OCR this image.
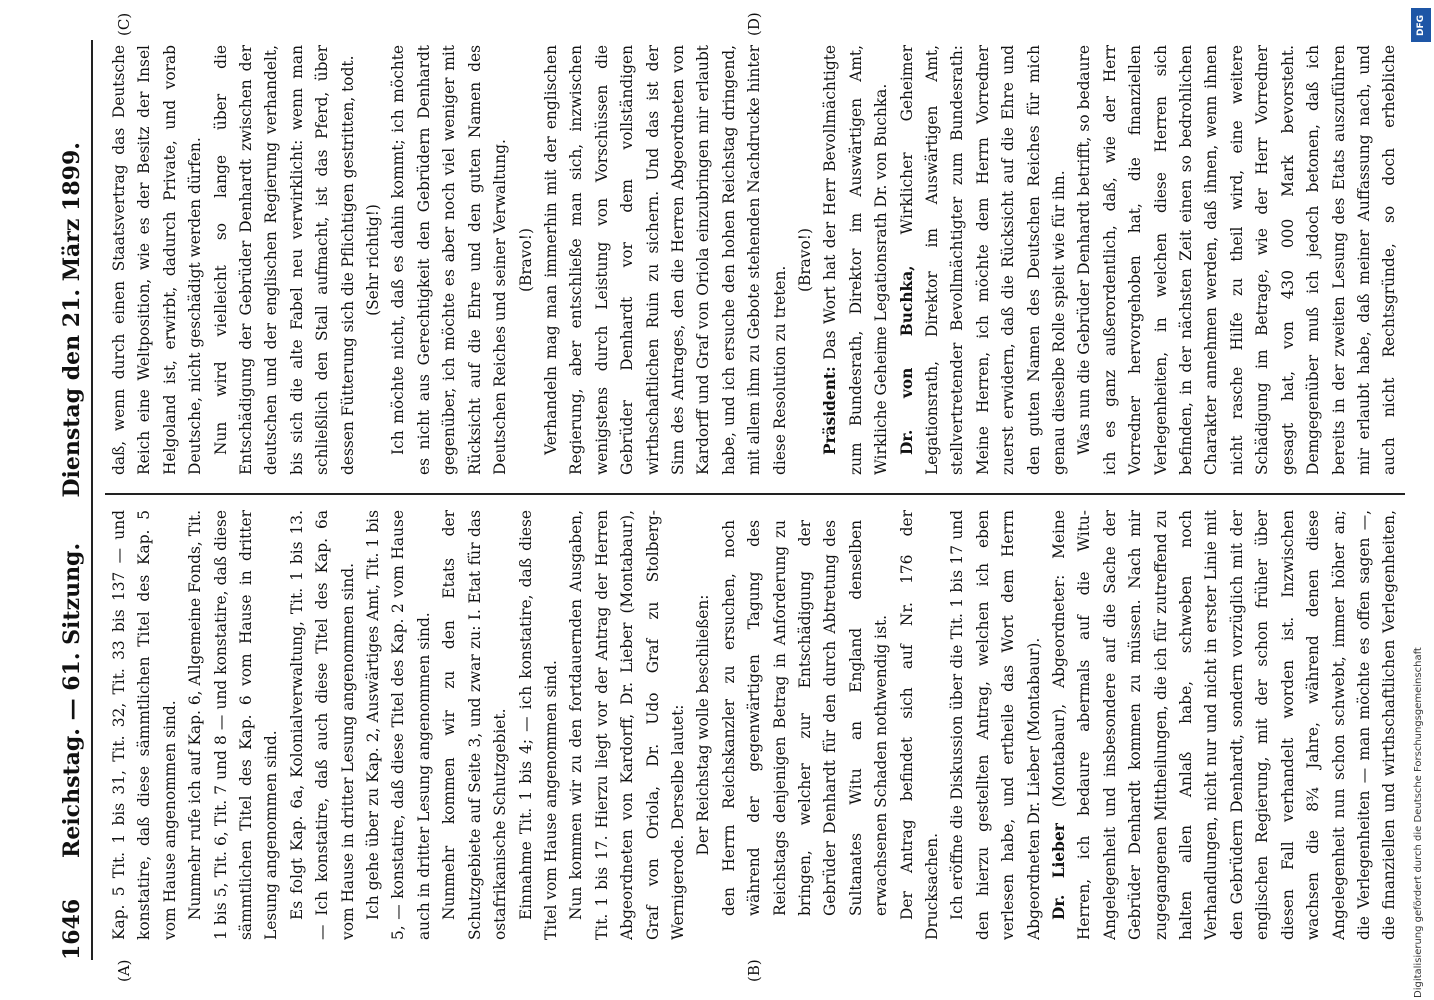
1646
Reichstag. — 61. Sitzung.  Dienstag den 21. März 1899.
(A)	(B)
(C)	(D)

Kap. 5 Tit. 1 bis 31, Tit. 32, Tit. 33 bis 137 — und konstatire, daß diese sämmtlichen Titel des Kap. 5 vom Hause angenommen sind. Nunmehr rufe ich auf Kap. 6, Allgemeine Fonds, Tit. 1 bis 5, Tit. 6, Tit. 7 und 8 — und konstatire, daß diese sämmtlichen Titel des Kap. 6 vom Hause in dritter Lesung angenommen sind. Es folgt Kap. 6a, Kolonialverwaltung, Tit. 1 bis 13. — Ich konstatire, daß auch diese Titel des Kap. 6a vom Hause in dritter Lesung angenommen sind. Ich gehe über zu Kap. 2, Auswärtiges Amt, Tit. 1 bis 5, — konstatire, daß diese Titel des Kap. 2 vom Hause auch in dritter Lesung angenommen sind. Nunmehr kommen wir zu den Etats der Schutzgebiete auf Seite 3, und zwar zu: I. Etat für das ostafrikanische Schutzgebiet. Einnahme Tit. 1 bis 4; — ich konstatire, daß diese Titel vom Hause angenommen sind. Nun kommen wir zu den fortdauernden Ausgaben, Tit. 1 bis 17. Hierzu liegt vor der Antrag der Herren Abgeordneten von Kardorff, Dr. Lieber (Montabaur), Graf von Oriola, Dr. Udo Graf zu Stolberg-Wernigerode. Derselbe lautet: Der Reichstag wolle beschließen: den Herrn Reichskanzler zu ersuchen, noch während der gegenwärtigen Tagung des Reichstags denjenigen Betrag in Anforderung zu bringen, welcher zur Entschädigung der Gebrüder Denhardt für den durch Abtretung des Sultanates Witu an England denselben erwachsenen Schaden nothwendig ist. Der Antrag befindet sich auf Nr. 176 der Drucksachen. Ich eröffne die Diskussion über die Tit. 1 bis 17 und den hierzu gestellten Antrag, welchen ich eben verlesen habe, und ertheile das Wort dem Herrn Abgeordneten Dr. Lieber (Montabaur). Dr. Lieber (Montabaur), Abgeordneter: Meine Herren, ich bedaure abermals auf die Witu-Angelegenheit und insbesondere auf die Sache der Gebrüder Denhardt kommen zu müssen. Nach mir zugegangenen Mittheilungen, die ich für zutreffend zu halten allen Anlaß habe, schweben noch Verhandlungen, nicht nur und nicht in erster Linie mit den Gebrüdern Denhardt, sondern vorzüglich mit der englischen Regierung, mit der schon früher über diesen Fall verhandelt worden ist. Inzwischen wachsen die 8¾ Jahre, während denen diese Angelegenheit nun schon schwebt, immer höher an; die Verlegenheiten — man möchte es offen sagen —, die finanziellen und wirthschaftlichen Verlegenheiten,

daß, wenn durch einen Staatsvertrag das Deutsche Reich eine Weltposition, wie es der Besitz der Insel Helgoland ist, erwirbt, dadurch Private, und vorab Deutsche, nicht geschädigt werden dürfen. Nun wird vielleicht so lange über die Entschädigung der Gebrüder Denhardt zwischen der deutschen und der englischen Regierung verhandelt, bis sich die alte Fabel neu verwirklicht: wenn man schließlich den Stall aufmacht, ist das Pferd, über dessen Fütterung sich die Pflichtigen gestritten, todt. (Sehr richtig!) Ich möchte nicht, daß es dahin kommt; ich möchte es nicht aus Gerechtigkeit den Gebrüdern Denhardt gegenüber, ich möchte es aber noch viel weniger mit Rücksicht auf die Ehre und den guten Namen des Deutschen Reiches und seiner Verwaltung. (Bravo!) Verhandeln mag man immerhin mit der englischen Regierung, aber entschließe man sich, inzwischen wenigstens durch Leistung von Vorschüssen die Gebrüder Denhardt vor dem vollständigen wirthschaftlichen Ruin zu sichern. Und das ist der Sinn des Antrages, den die Herren Abgeordneten von Kardorff und Graf von Oriola einzubringen mir erlaubt habe, und ich ersuche den hohen Reichstag dringend, mit allem ihm zu Gebote stehenden Nachdrucke hinter diese Resolution zu treten.

(Bravo!)

Präsident: Das Wort hat der Herr Bevollmächtigte zum Bundesrath, Direktor im Auswärtigen Amt, Wirkliche Geheime Legationsrath Dr. von Buchka. Dr. von Buchka, Wirklicher Geheimer Legationsrath, Direktor im Auswärtigen Amt, stellvertretender Bevollmächtigter zum Bundesrath: Meine Herren, ich möchte dem Herrn Vorredner zuerst erwidern, daß die Rücksicht auf die Ehre und den guten Namen des Deutschen Reiches für mich genau dieselbe Rolle spielt wie für ihn. Was nun die Gebrüder Denhardt betrifft, so bedaure ich es ganz außerordentlich, daß, wie der Herr Vorredner hervorgehoben hat, die finanziellen Verlegenheiten, in welchen diese Herren sich befinden, in der nächsten Zeit einen so bedrohlichen Charakter annehmen werden, daß ihnen, wenn ihnen nicht rasche Hilfe zu theil wird, eine weitere Schädigung im Betrage, wie der Herr Vorredner gesagt hat, von 430 000 Mark bevorsteht. Demgegenüber muß ich jedoch betonen, daß ich bereits in der zweiten Lesung des Etats auszuführen mir erlaubt habe, daß meiner Auffassung nach, und auch nicht Rechtsgründe, so doch erhebliche

DFG
Digitalisierung gefördert durch die Deutsche Forschungsgemeinschaft
